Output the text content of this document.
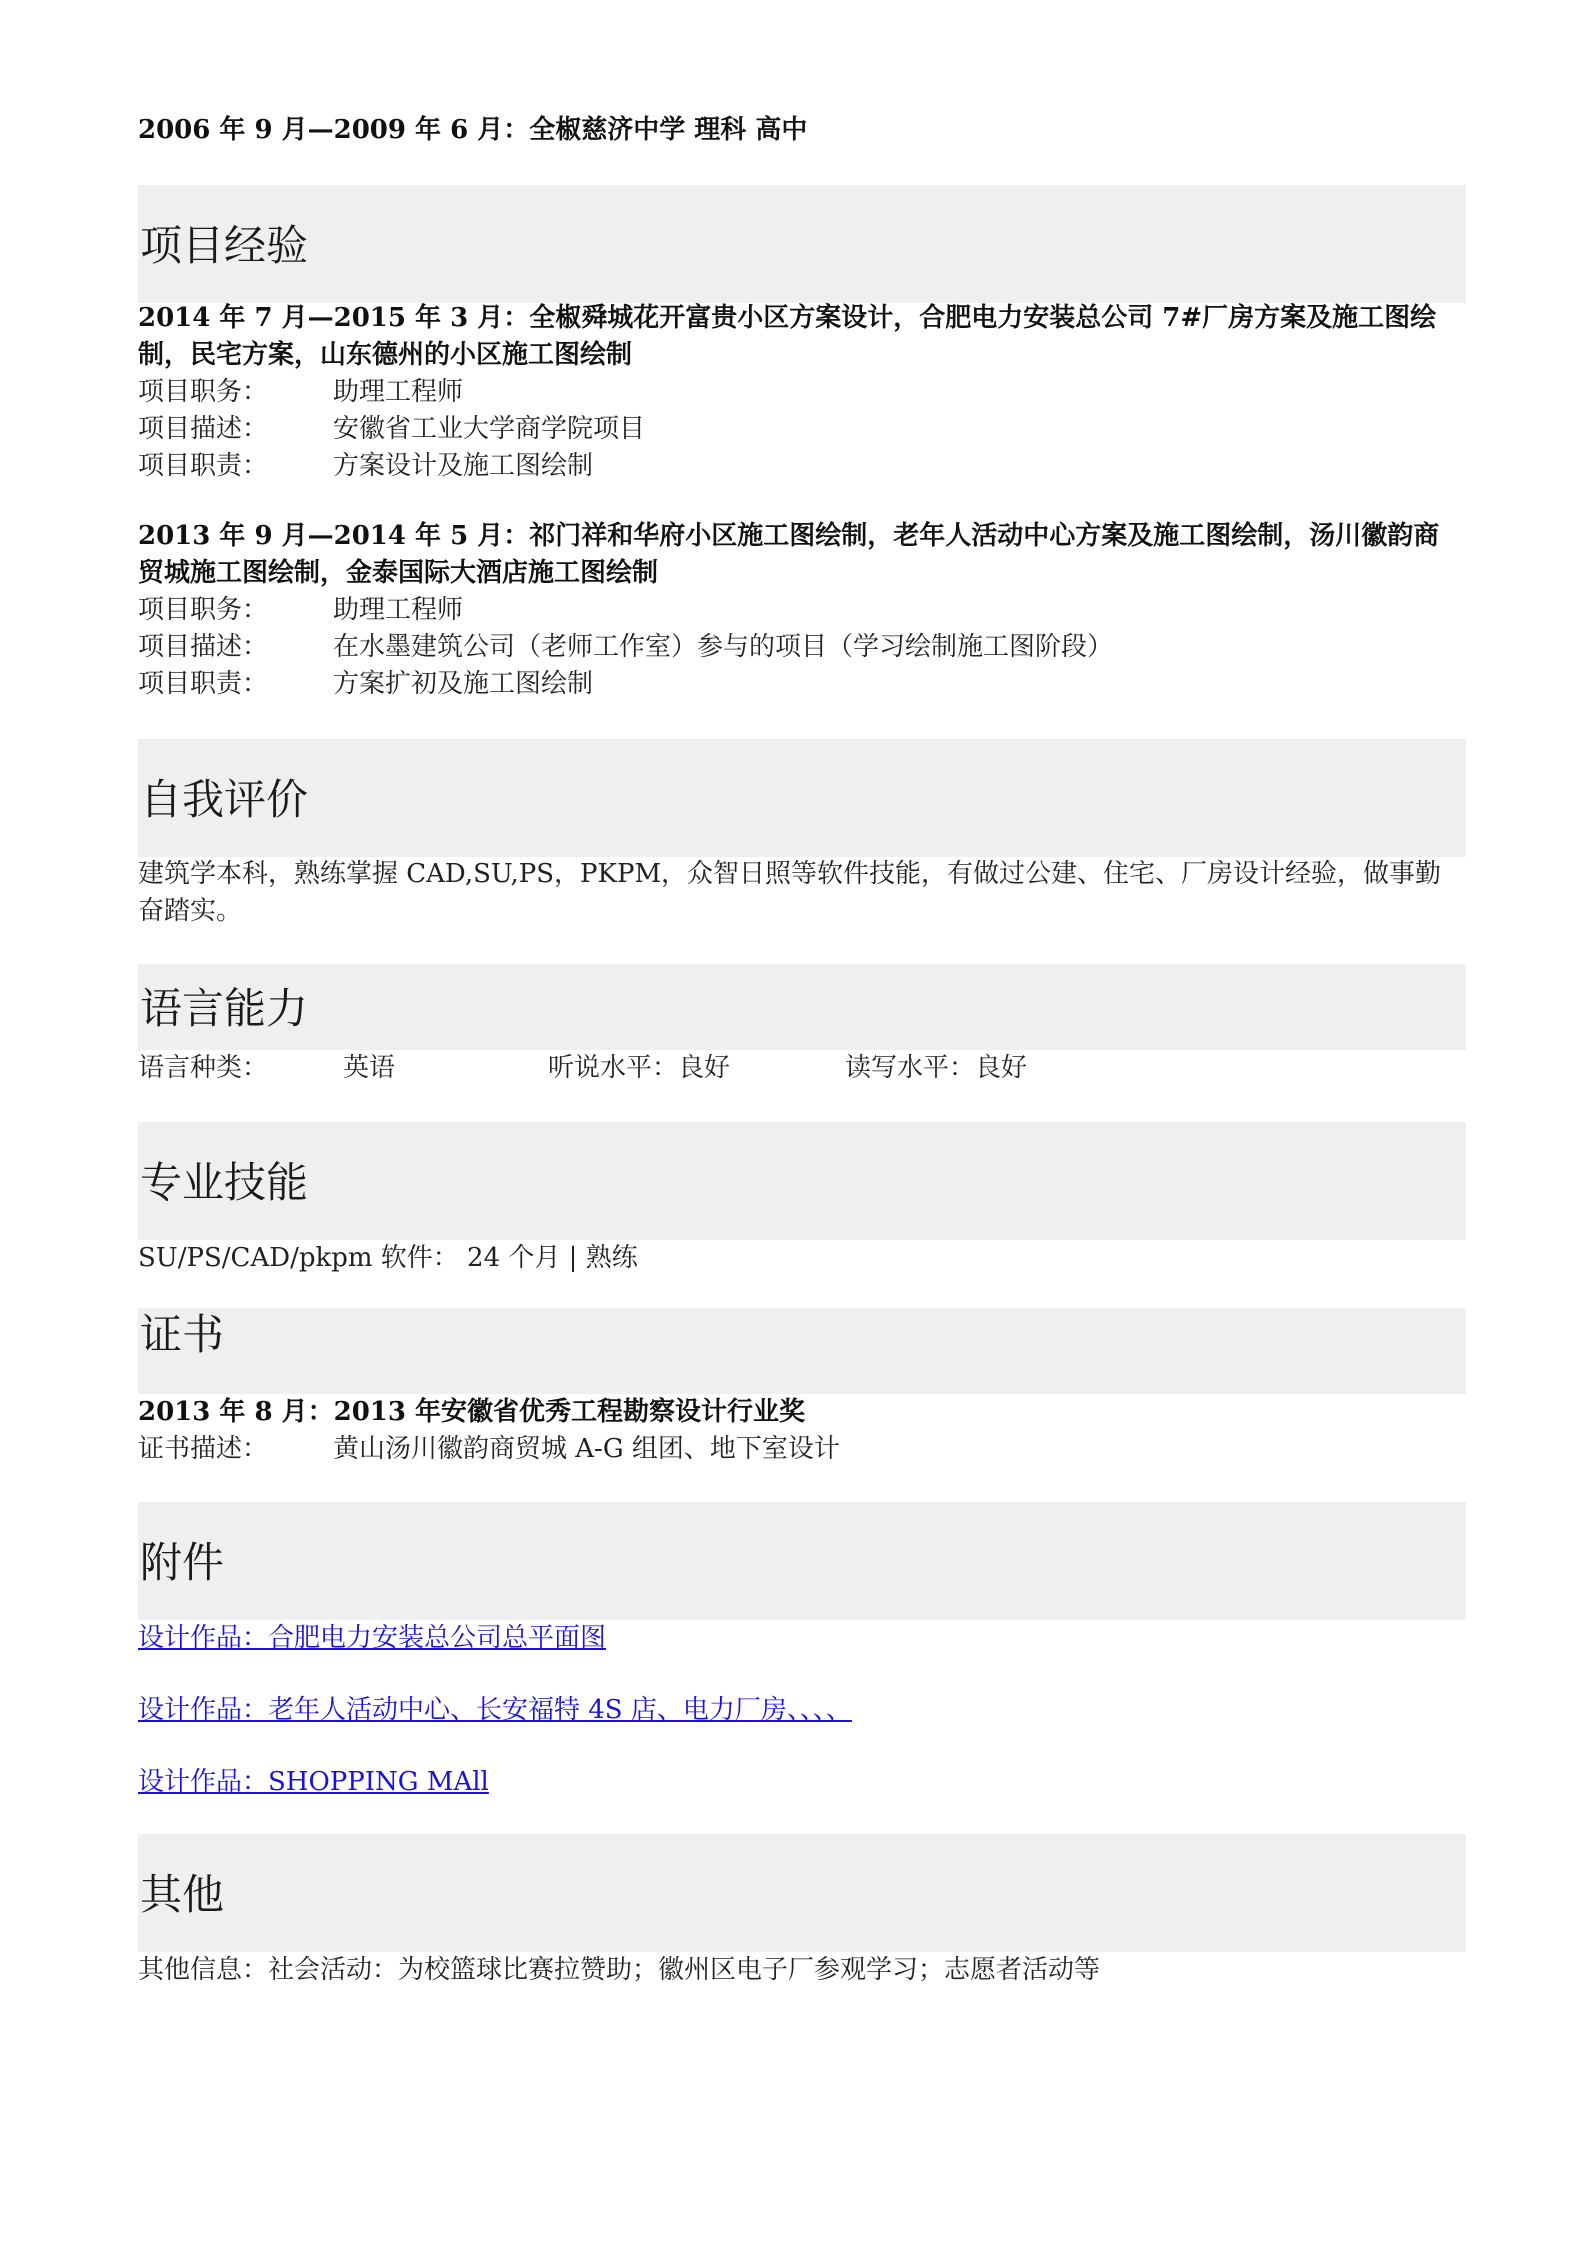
2006 年 9 月—2009 年 6 月：全椒慈济中学 理科 高中

项目经验

2014 年 7 月—2015 年 3 月：全椒舜城花开富贵小区方案设计，合肥电力安装总公司 7#厂房方案及施工图绘制，民宅方案，山东德州的小区施工图绘制

项目职务：	助理工程师
项目描述：	安徽省工业大学商学院项目
项目职责：	方案设计及施工图绘制

2013 年 9 月—2014 年 5 月：祁门祥和华府小区施工图绘制，老年人活动中心方案及施工图绘制，汤川徽韵商贸城施工图绘制，金泰国际大酒店施工图绘制

项目职务：	助理工程师
项目描述：	在水墨建筑公司（老师工作室）参与的项目（学习绘制施工图阶段）
项目职责：	方案扩初及施工图绘制
自我评价

建筑学本科，熟练掌握 CAD,SU,PS，PKPM，众智日照等软件技能，有做过公建、住宅、厂房设计经验，做事勤奋踏实。

语言能力
语言种类：	英语	听说水平：良好	读写水平：良好
专业技能

SU/PS/CAD/pkpm 软件： 24 个月 | 熟练

证书

2013 年 8 月：2013 年安徽省优秀工程勘察设计行业奖

证书描述：	黄山汤川徽韵商贸城 A-G 组团、地下室设计
附件
设计作品：合肥电力安装总公司总平面图
设计作品：老年人活动中心、长安福特 4S 店、电力厂房、、、、
设计作品：SHOPPING MAll
其他

其他信息：社会活动：为校篮球比赛拉赞助；徽州区电子厂参观学习；志愿者活动等
